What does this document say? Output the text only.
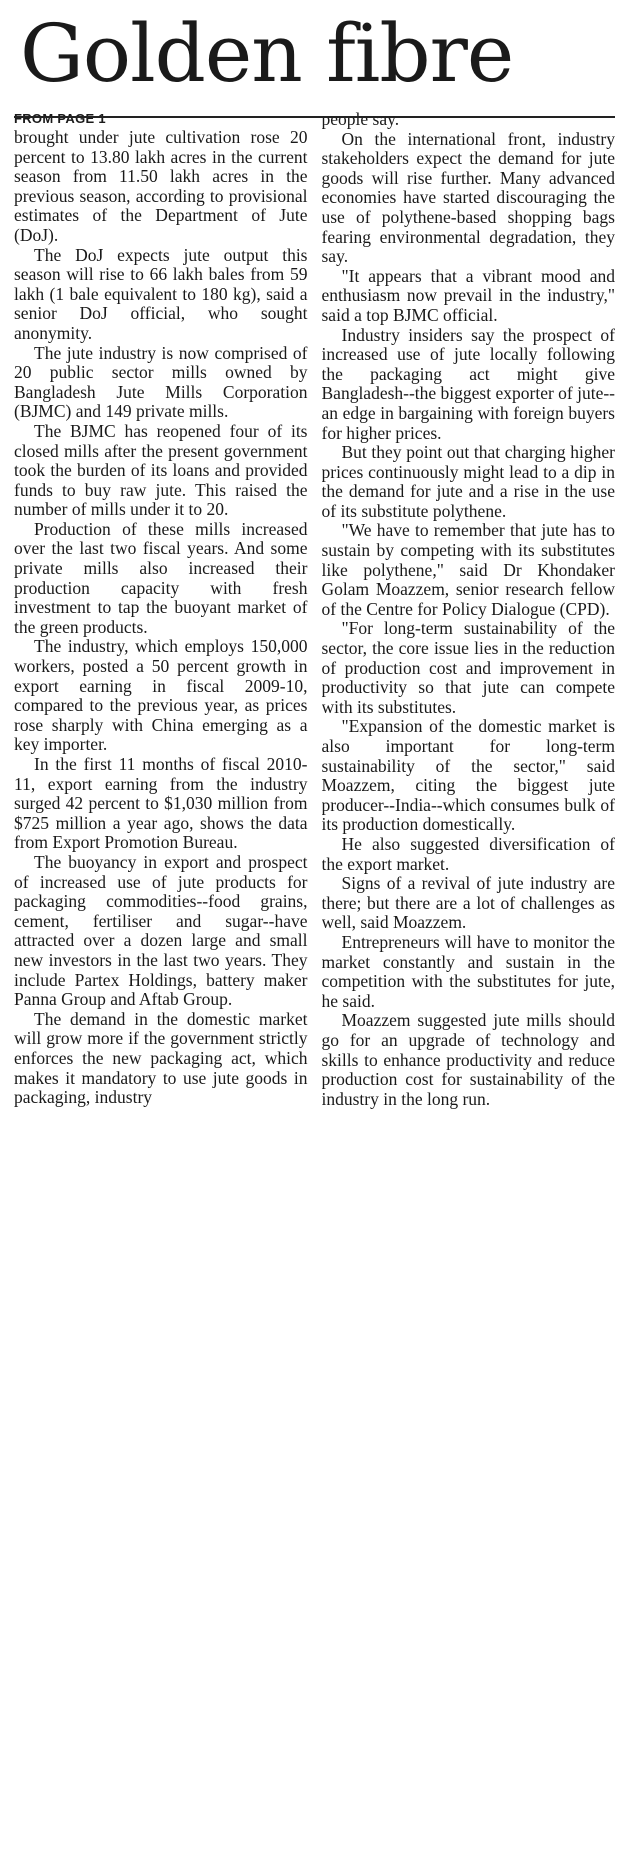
Golden fibre
FROM PAGE 1

brought under jute cultivation rose 20 percent to 13.80 lakh acres in the current season from 11.50 lakh acres in the previous season, according to provisional estimates of the Department of Jute (DoJ).

The DoJ expects jute output this season will rise to 66 lakh bales from 59 lakh (1 bale equivalent to 180 kg), said a senior DoJ official, who sought anonymity.

The jute industry is now comprised of 20 public sector mills owned by Bangladesh Jute Mills Corporation (BJMC) and 149 private mills.

The BJMC has reopened four of its closed mills after the present government took the burden of its loans and provided funds to buy raw jute. This raised the number of mills under it to 20.

Production of these mills increased over the last two fiscal years. And some private mills also increased their production capacity with fresh investment to tap the buoyant market of the green products.

The industry, which employs 150,000 workers, posted a 50 percent growth in export earning in fiscal 2009-10, compared to the previous year, as prices rose sharply with China emerging as a key importer.

In the first 11 months of fiscal 2010-11, export earning from the industry surged 42 percent to $1,030 million from $725 million a year ago, shows the data from Export Promotion Bureau.

The buoyancy in export and prospect of increased use of jute products for packaging commodities--food grains, cement, fertiliser and sugar--have attracted over a dozen large and small new investors in the last two years. They include Partex Holdings, battery maker Panna Group and Aftab Group.

The demand in the domestic market will grow more if the government strictly enforces the new packaging act, which makes it mandatory to use jute goods in packaging, industry

people say.

On the international front, industry stakeholders expect the demand for jute goods will rise further. Many advanced economies have started discouraging the use of polythene-based shopping bags fearing environmental degradation, they say.

"It appears that a vibrant mood and enthusiasm now prevail in the industry," said a top BJMC official.

Industry insiders say the prospect of increased use of jute locally following the packaging act might give Bangladesh--the biggest exporter of jute--an edge in bargaining with foreign buyers for higher prices.

But they point out that charging higher prices continuously might lead to a dip in the demand for jute and a rise in the use of its substitute polythene.

"We have to remember that jute has to sustain by competing with its substitutes like polythene," said Dr Khondaker Golam Moazzem, senior research fellow of the Centre for Policy Dialogue (CPD).

"For long-term sustainability of the sector, the core issue lies in the reduction of production cost and improvement in productivity so that jute can compete with its substitutes.

"Expansion of the domestic market is also important for long-term sustainability of the sector," said Moazzem, citing the biggest jute producer--India--which consumes bulk of its production domestically.

He also suggested diversification of the export market.

Signs of a revival of jute industry are there; but there are a lot of challenges as well, said Moazzem.

Entrepreneurs will have to monitor the market constantly and sustain in the competition with the substitutes for jute, he said.

Moazzem suggested jute mills should go for an upgrade of technology and skills to enhance productivity and reduce production cost for sustainability of the industry in the long run.
